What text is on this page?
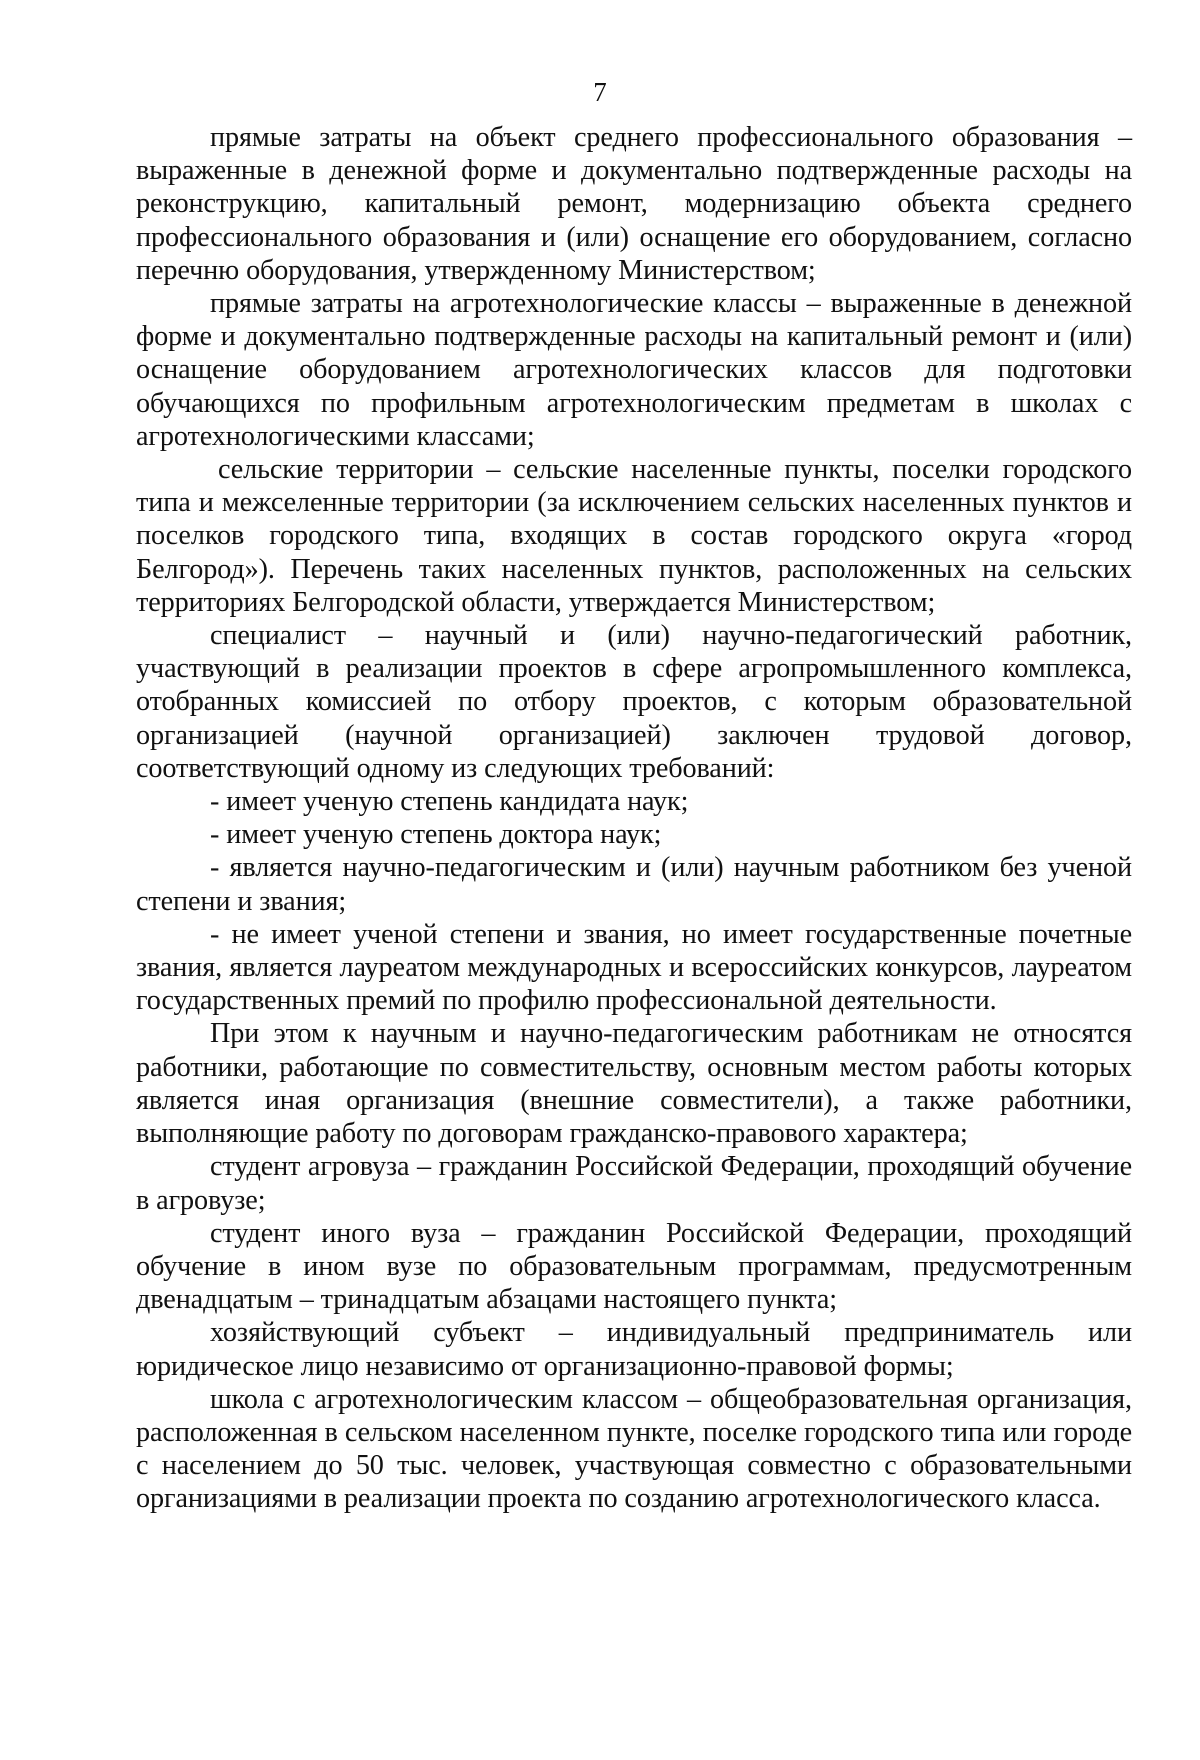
7

прямые затраты на объект среднего профессионального образования – выраженные в денежной форме и документально подтвержденные расходы на реконструкцию, капитальный ремонт, модернизацию объекта среднего профессионального образования и (или) оснащение его оборудованием, согласно перечню оборудования, утвержденному Министерством;

прямые затраты на агротехнологические классы – выраженные в денежной форме и документально подтвержденные расходы на капитальный ремонт и (или) оснащение оборудованием агротехнологических классов для подготовки обучающихся по профильным агротехнологическим предметам в школах с агротехнологическими классами;

сельские территории – сельские населенные пункты, поселки городского типа и межселенные территории (за исключением сельских населенных пунктов и поселков городского типа, входящих в состав городского округа «город Белгород»). Перечень таких населенных пунктов, расположенных на сельских территориях Белгородской области, утверждается Министерством;

специалист – научный и (или) научно-педагогический работник, участвующий в реализации проектов в сфере агропромышленного комплекса, отобранных комиссией по отбору проектов, с которым образовательной организацией (научной организацией) заключен трудовой договор, соответствующий одному из следующих требований:

- имеет ученую степень кандидата наук;

- имеет ученую степень доктора наук;

- является научно-педагогическим и (или) научным работником без ученой степени и звания;

- не имеет ученой степени и звания, но имеет государственные почетные звания, является лауреатом международных и всероссийских конкурсов, лауреатом государственных премий по профилю профессиональной деятельности.

При этом к научным и научно-педагогическим работникам не относятся работники, работающие по совместительству, основным местом работы которых является иная организация (внешние совместители), а также работники, выполняющие работу по договорам гражданско-правового характера;

студент агровуза – гражданин Российской Федерации, проходящий обучение в агровузе;

студент иного вуза – гражданин Российской Федерации, проходящий обучение в ином вузе по образовательным программам, предусмотренным двенадцатым – тринадцатым абзацами настоящего пункта;

хозяйствующий субъект – индивидуальный предприниматель или юридическое лицо независимо от организационно-правовой формы;

школа с агротехнологическим классом – общеобразовательная организация, расположенная в сельском населенном пункте, поселке городского типа или городе с населением до 50 тыс. человек, участвующая совместно с образовательными организациями в реализации проекта по созданию агротехнологического класса.
